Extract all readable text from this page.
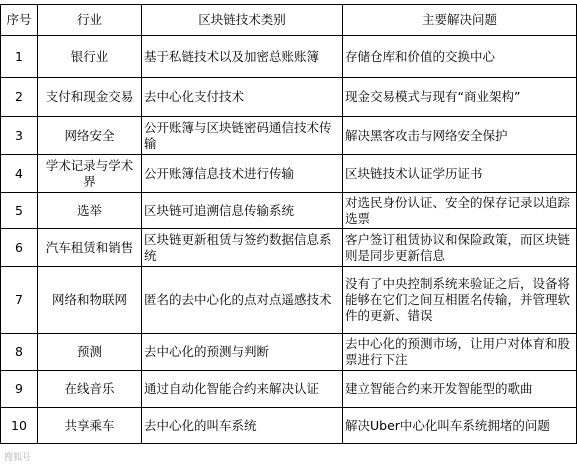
序号	行业	区块链技术类别	主要解决问题
1	银行业	基于私链技术以及加密总账账簿	存储仓库和价值的交换中心
2	支付和现金交易	去中心化支付技术	现金交易模式与现有“商业架构”
3	网络安全	公开账簿与区块链密码通信技术传输	解决黑客攻击与网络安全保护
4	学术记录与学术界	公开账簿信息技术进行传输	区块链技术认证学历证书
5	选举	区块链可追溯信息传输系统	对选民身份认证、安全的保存记录以追踪选票
6	汽车租赁和销售	区块链更新租赁与签约数据信息系统	客户签订租赁协议和保险政策，而区块链则是同步更新信息
7	网络和物联网	匿名的去中心化的点对点遥感技术	没有了中央控制系统来验证之后，设备将能够在它们之间互相匿名传输，并管理软件的更新、错误
8	预测	去中心化的预测与判断	去中心化的预测市场，让用户对体育和股票进行下注
9	在线音乐	通过自动化智能合约来解决认证	建立智能合约来开发智能型的歌曲
10	共享乘车	去中心化的叫车系统	解决Uber中心化叫车系统拥堵的问题
搜狐号
